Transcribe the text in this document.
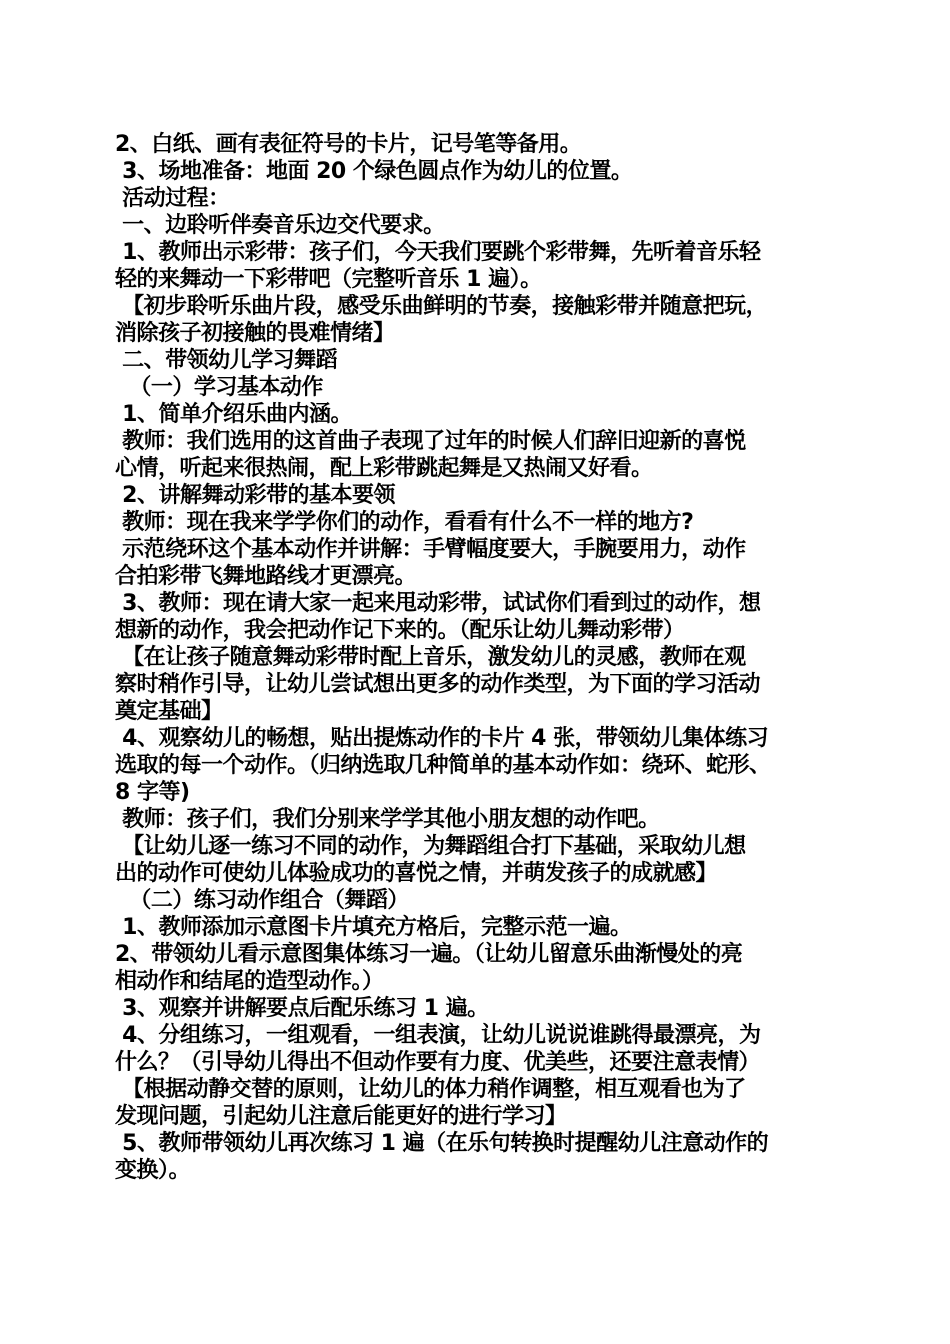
2、白纸、画有表征符号的卡片，记号笔等备用。
3、场地准备：地面 20 个绿色圆点作为幼儿的位置。
活动过程：
一、边聆听伴奏音乐边交代要求。
1、教师出示彩带：孩子们，今天我们要跳个彩带舞，先听着音乐轻
轻的来舞动一下彩带吧（完整听音乐 1 遍）。
【初步聆听乐曲片段，感受乐曲鲜明的节奏，接触彩带并随意把玩，
消除孩子初接触的畏难情绪】
二、带领幼儿学习舞蹈
（一）学习基本动作
1、简单介绍乐曲内涵。
教师：我们选用的这首曲子表现了过年的时候人们辞旧迎新的喜悦
心情，听起来很热闹，配上彩带跳起舞是又热闹又好看。
2、讲解舞动彩带的基本要领
教师：现在我来学学你们的动作，看看有什么不一样的地方?
示范绕环这个基本动作并讲解：手臂幅度要大，手腕要用力，动作
合拍彩带飞舞地路线才更漂亮。
3、教师：现在请大家一起来甩动彩带，试试你们看到过的动作，想
想新的动作，我会把动作记下来的。（配乐让幼儿舞动彩带）
【在让孩子随意舞动彩带时配上音乐，激发幼儿的灵感，教师在观
察时稍作引导，让幼儿尝试想出更多的动作类型，为下面的学习活动
奠定基础】
4、观察幼儿的畅想，贴出提炼动作的卡片 4 张，带领幼儿集体练习
选取的每一个动作。（归纳选取几种简单的基本动作如：绕环、蛇形、
8 字等)
教师：孩子们，我们分别来学学其他小朋友想的动作吧。
【让幼儿逐一练习不同的动作，为舞蹈组合打下基础，采取幼儿想
出的动作可使幼儿体验成功的喜悦之情，并萌发孩子的成就感】
（二）练习动作组合（舞蹈）
1、教师添加示意图卡片填充方格后，完整示范一遍。
2、带领幼儿看示意图集体练习一遍。（让幼儿留意乐曲渐慢处的亮
相动作和结尾的造型动作。）
3、观察并讲解要点后配乐练习 1 遍。
4、分组练习，一组观看，一组表演，让幼儿说说谁跳得最漂亮，为
什么？（引导幼儿得出不但动作要有力度、优美些，还要注意表情）
【根据动静交替的原则，让幼儿的体力稍作调整，相互观看也为了
发现问题，引起幼儿注意后能更好的进行学习】
5、教师带领幼儿再次练习 1 遍（在乐句转换时提醒幼儿注意动作的
变换）。
